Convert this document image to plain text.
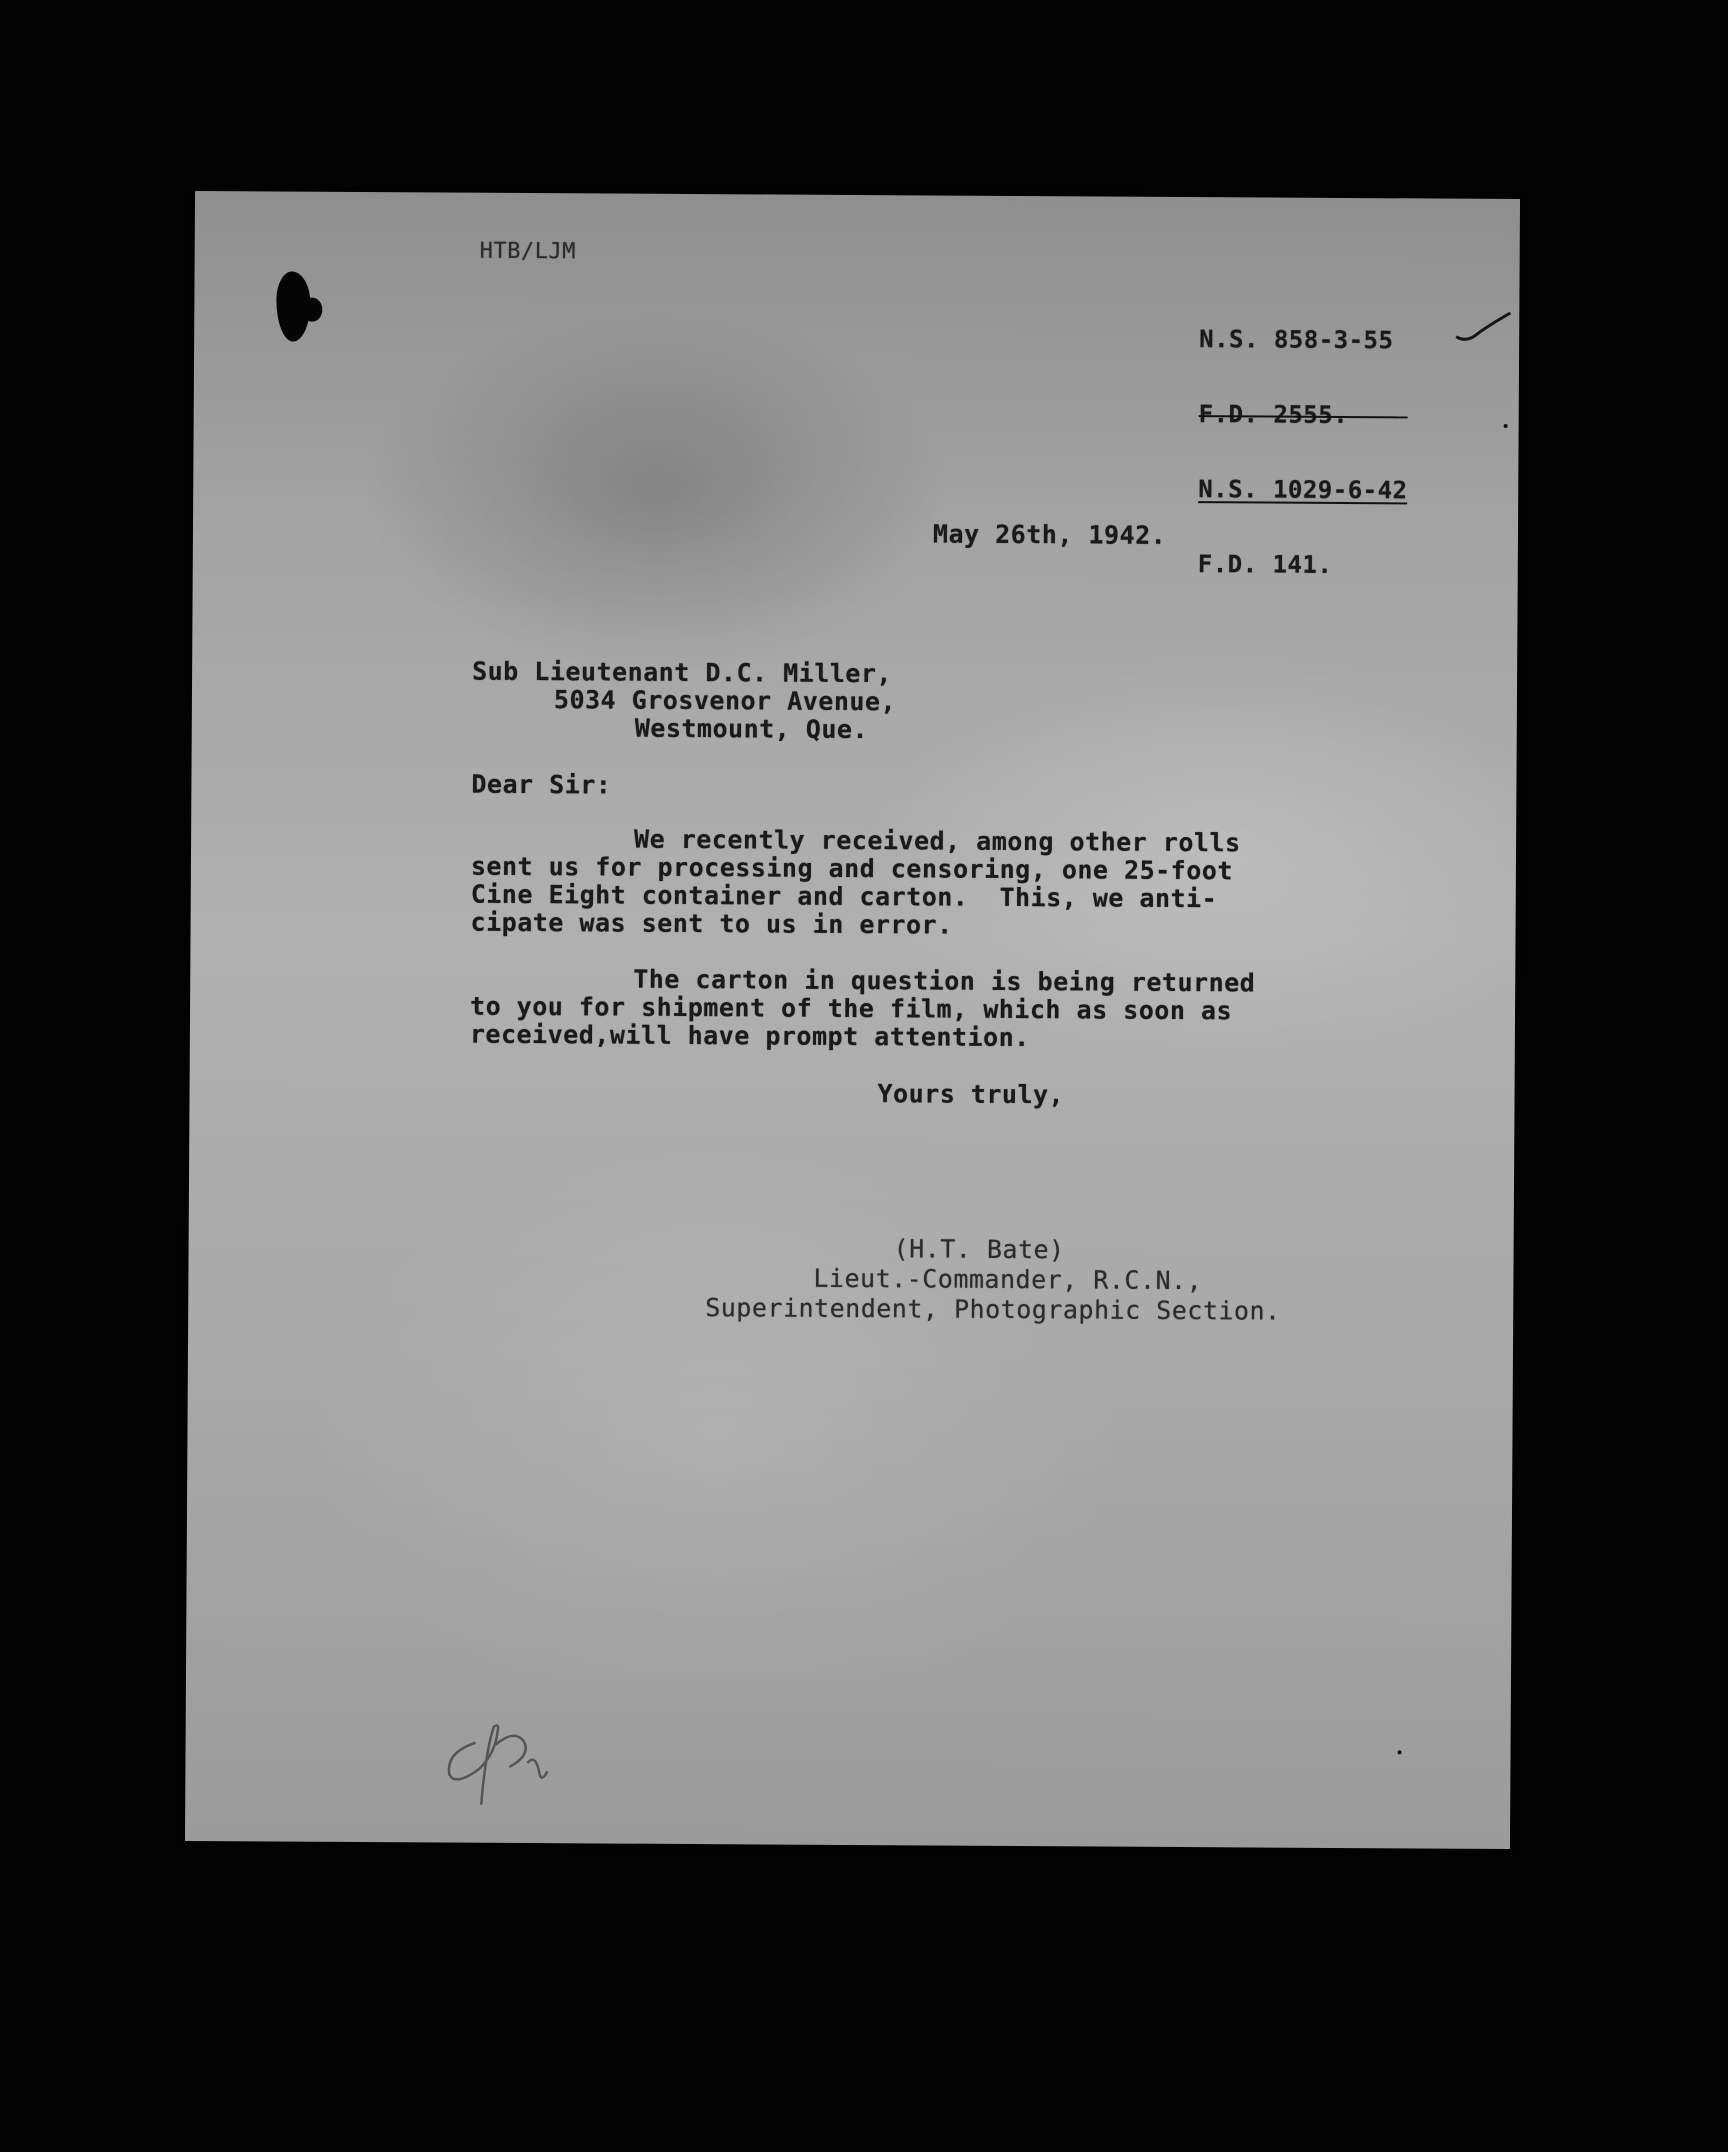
HTB/LJM

N.S. 858-3-55

F.D. 2555.

N.S. 1029-6-42

F.D. 141.

May 26th, 1942.
Sub Lieutenant D.C. Miller,
5034 Grosvenor Avenue,
Westmount, Que.
Dear Sir:
We recently received, among other rolls
sent us for processing and censoring, one 25-foot
Cine Eight container and carton.  This, we anti-
cipate was sent to us in error.
The carton in question is being returned
to you for shipment of the film, which as soon as
received,will have prompt attention.
Yours truly,
(H.T. Bate)
Lieut.-Commander, R.C.N.,
Superintendent, Photographic Section.
